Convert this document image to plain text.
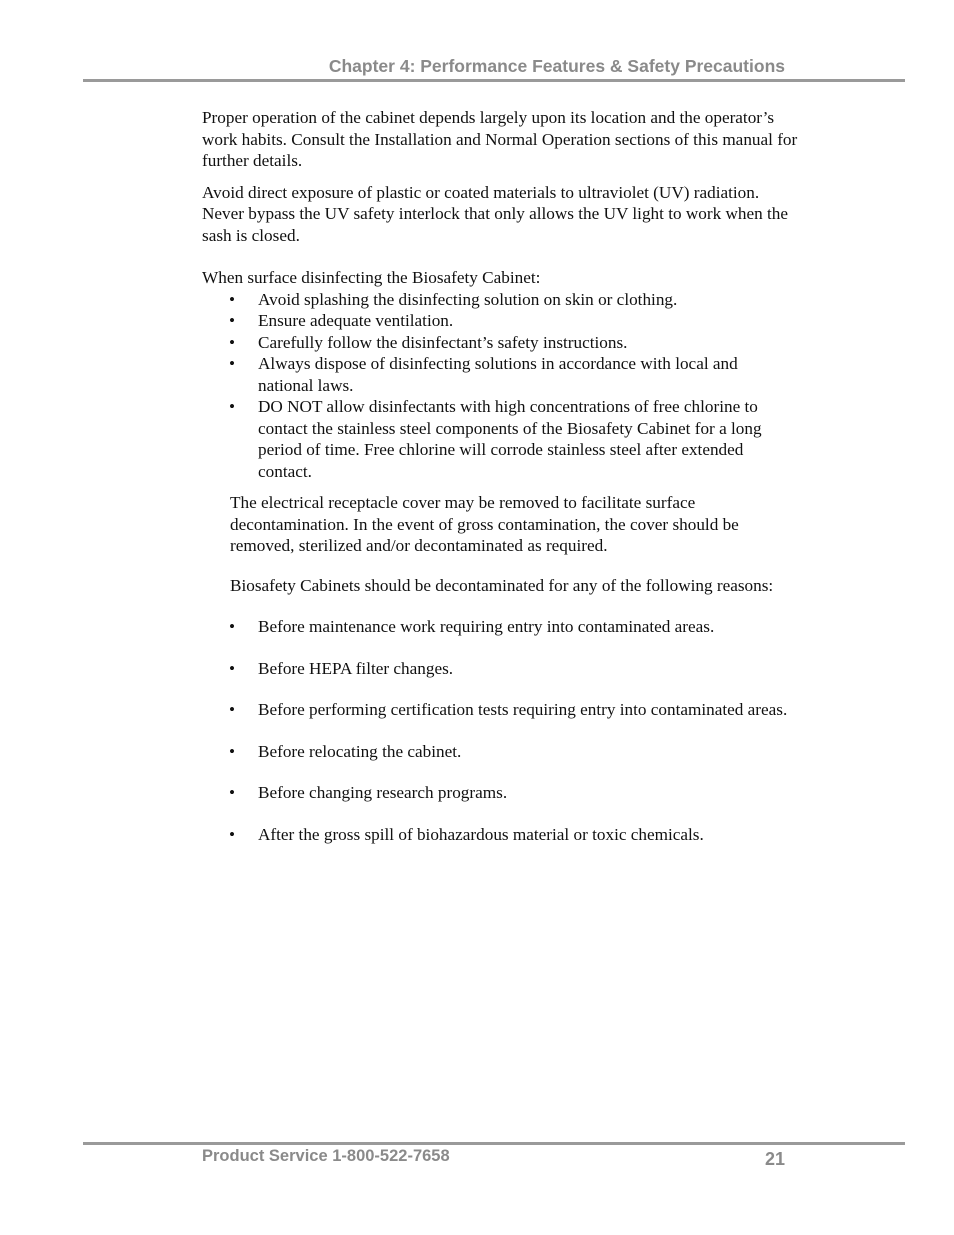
Chapter 4: Performance Features & Safety Precautions

Proper operation of the cabinet depends largely upon its location and the operator’s work habits. Consult the Installation and Normal Operation sections of this manual for further details.

Avoid direct exposure of plastic or coated materials to ultraviolet (UV) radiation. Never bypass the UV safety interlock that only allows the UV light to work when the sash is closed.

When surface disinfecting the Biosafety Cabinet:

• Avoid splashing the disinfecting solution on skin or clothing.
• Ensure adequate ventilation.
• Carefully follow the disinfectant’s safety instructions.
• Always dispose of disinfecting solutions in accordance with local and national laws.
• DO NOT allow disinfectants with high concentrations of free chlorine to contact the stainless steel components of the Biosafety Cabinet for a long period of time. Free chlorine will corrode stainless steel after extended contact.

The electrical receptacle cover may be removed to facilitate surface decontamination. In the event of gross contamination, the cover should be removed, sterilized and/or decontaminated as required.

Biosafety Cabinets should be decontaminated for any of the following reasons:

• Before maintenance work requiring entry into contaminated areas.
• Before HEPA filter changes.
• Before performing certification tests requiring entry into contaminated areas.
• Before relocating the cabinet.
• Before changing research programs.
• After the gross spill of biohazardous material or toxic chemicals.
Product Service 1-800-522-7658	21
